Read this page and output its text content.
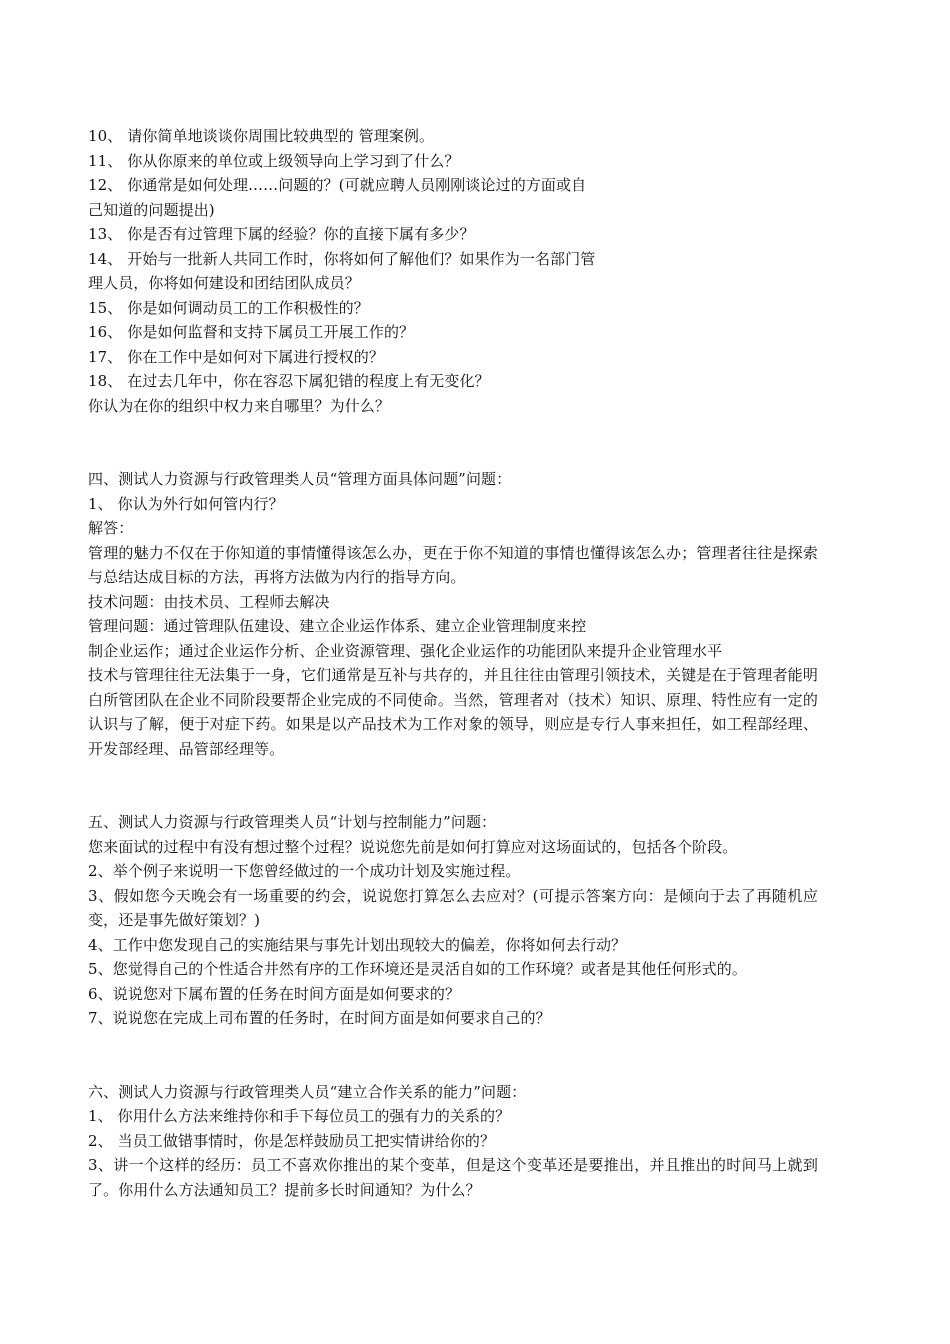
10、 请你简单地谈谈你周围比较典型的 管理案例。
11、 你从你原来的单位或上级领导向上学习到了什么？
12、 你通常是如何处理……问题的？(可就应聘人员刚刚谈论过的方面或自
己知道的问题提出)
13、 你是否有过管理下属的经验？你的直接下属有多少？
14、 开始与一批新人共同工作时，你将如何了解他们？如果作为一名部门管
理人员，你将如何建设和团结团队成员？
15、 你是如何调动员工的工作积极性的？
16、 你是如何监督和支持下属员工开展工作的？
17、 你在工作中是如何对下属进行授权的？
18、 在过去几年中，你在容忍下属犯错的程度上有无变化？
你认为在你的组织中权力来自哪里？为什么？
四、测试人力资源与行政管理类人员“管理方面具体问题”问题：
1、 你认为外行如何管内行？
解答：
管理的魅力不仅在于你知道的事情懂得该怎么办，更在于你不知道的事情也懂得该怎么办；管理者往往是探索与总结达成目标的方法，再将方法做为内行的指导方向。
技术问题：由技术员、工程师去解决
管理问题：通过管理队伍建设、建立企业运作体系、建立企业管理制度来控
制企业运作；通过企业运作分析、企业资源管理、强化企业运作的功能团队来提升企业管理水平
技术与管理往往无法集于一身，它们通常是互补与共存的，并且往往由管理引领技术，关键是在于管理者能明白所管团队在企业不同阶段要帮企业完成的不同使命。当然，管理者对（技术）知识、原理、特性应有一定的认识与了解，便于对症下药。如果是以产品技术为工作对象的领导，则应是专行人事来担任，如工程部经理、开发部经理、品管部经理等。
五、测试人力资源与行政管理类人员“计划与控制能力”问题：
您来面试的过程中有没有想过整个过程？说说您先前是如何打算应对这场面试的，包括各个阶段。
2、举个例子来说明一下您曾经做过的一个成功计划及实施过程。
3、假如您今天晚会有一场重要的约会，说说您打算怎么去应对？(可提示答案方向：是倾向于去了再随机应变，还是事先做好策划？)
4、工作中您发现自己的实施结果与事先计划出现较大的偏差，你将如何去行动？
5、您觉得自己的个性适合井然有序的工作环境还是灵活自如的工作环境？或者是其他任何形式的。
6、说说您对下属布置的任务在时间方面是如何要求的？
7、说说您在完成上司布置的任务时，在时间方面是如何要求自己的？
六、测试人力资源与行政管理类人员“建立合作关系的能力”问题：
1、 你用什么方法来维持你和手下每位员工的强有力的关系的？
2、 当员工做错事情时，你是怎样鼓励员工把实情讲给你的？
3、讲一个这样的经历：员工不喜欢你推出的某个变革，但是这个变革还是要推出，并且推出的时间马上就到了。你用什么方法通知员工？提前多长时间通知？为什么？
